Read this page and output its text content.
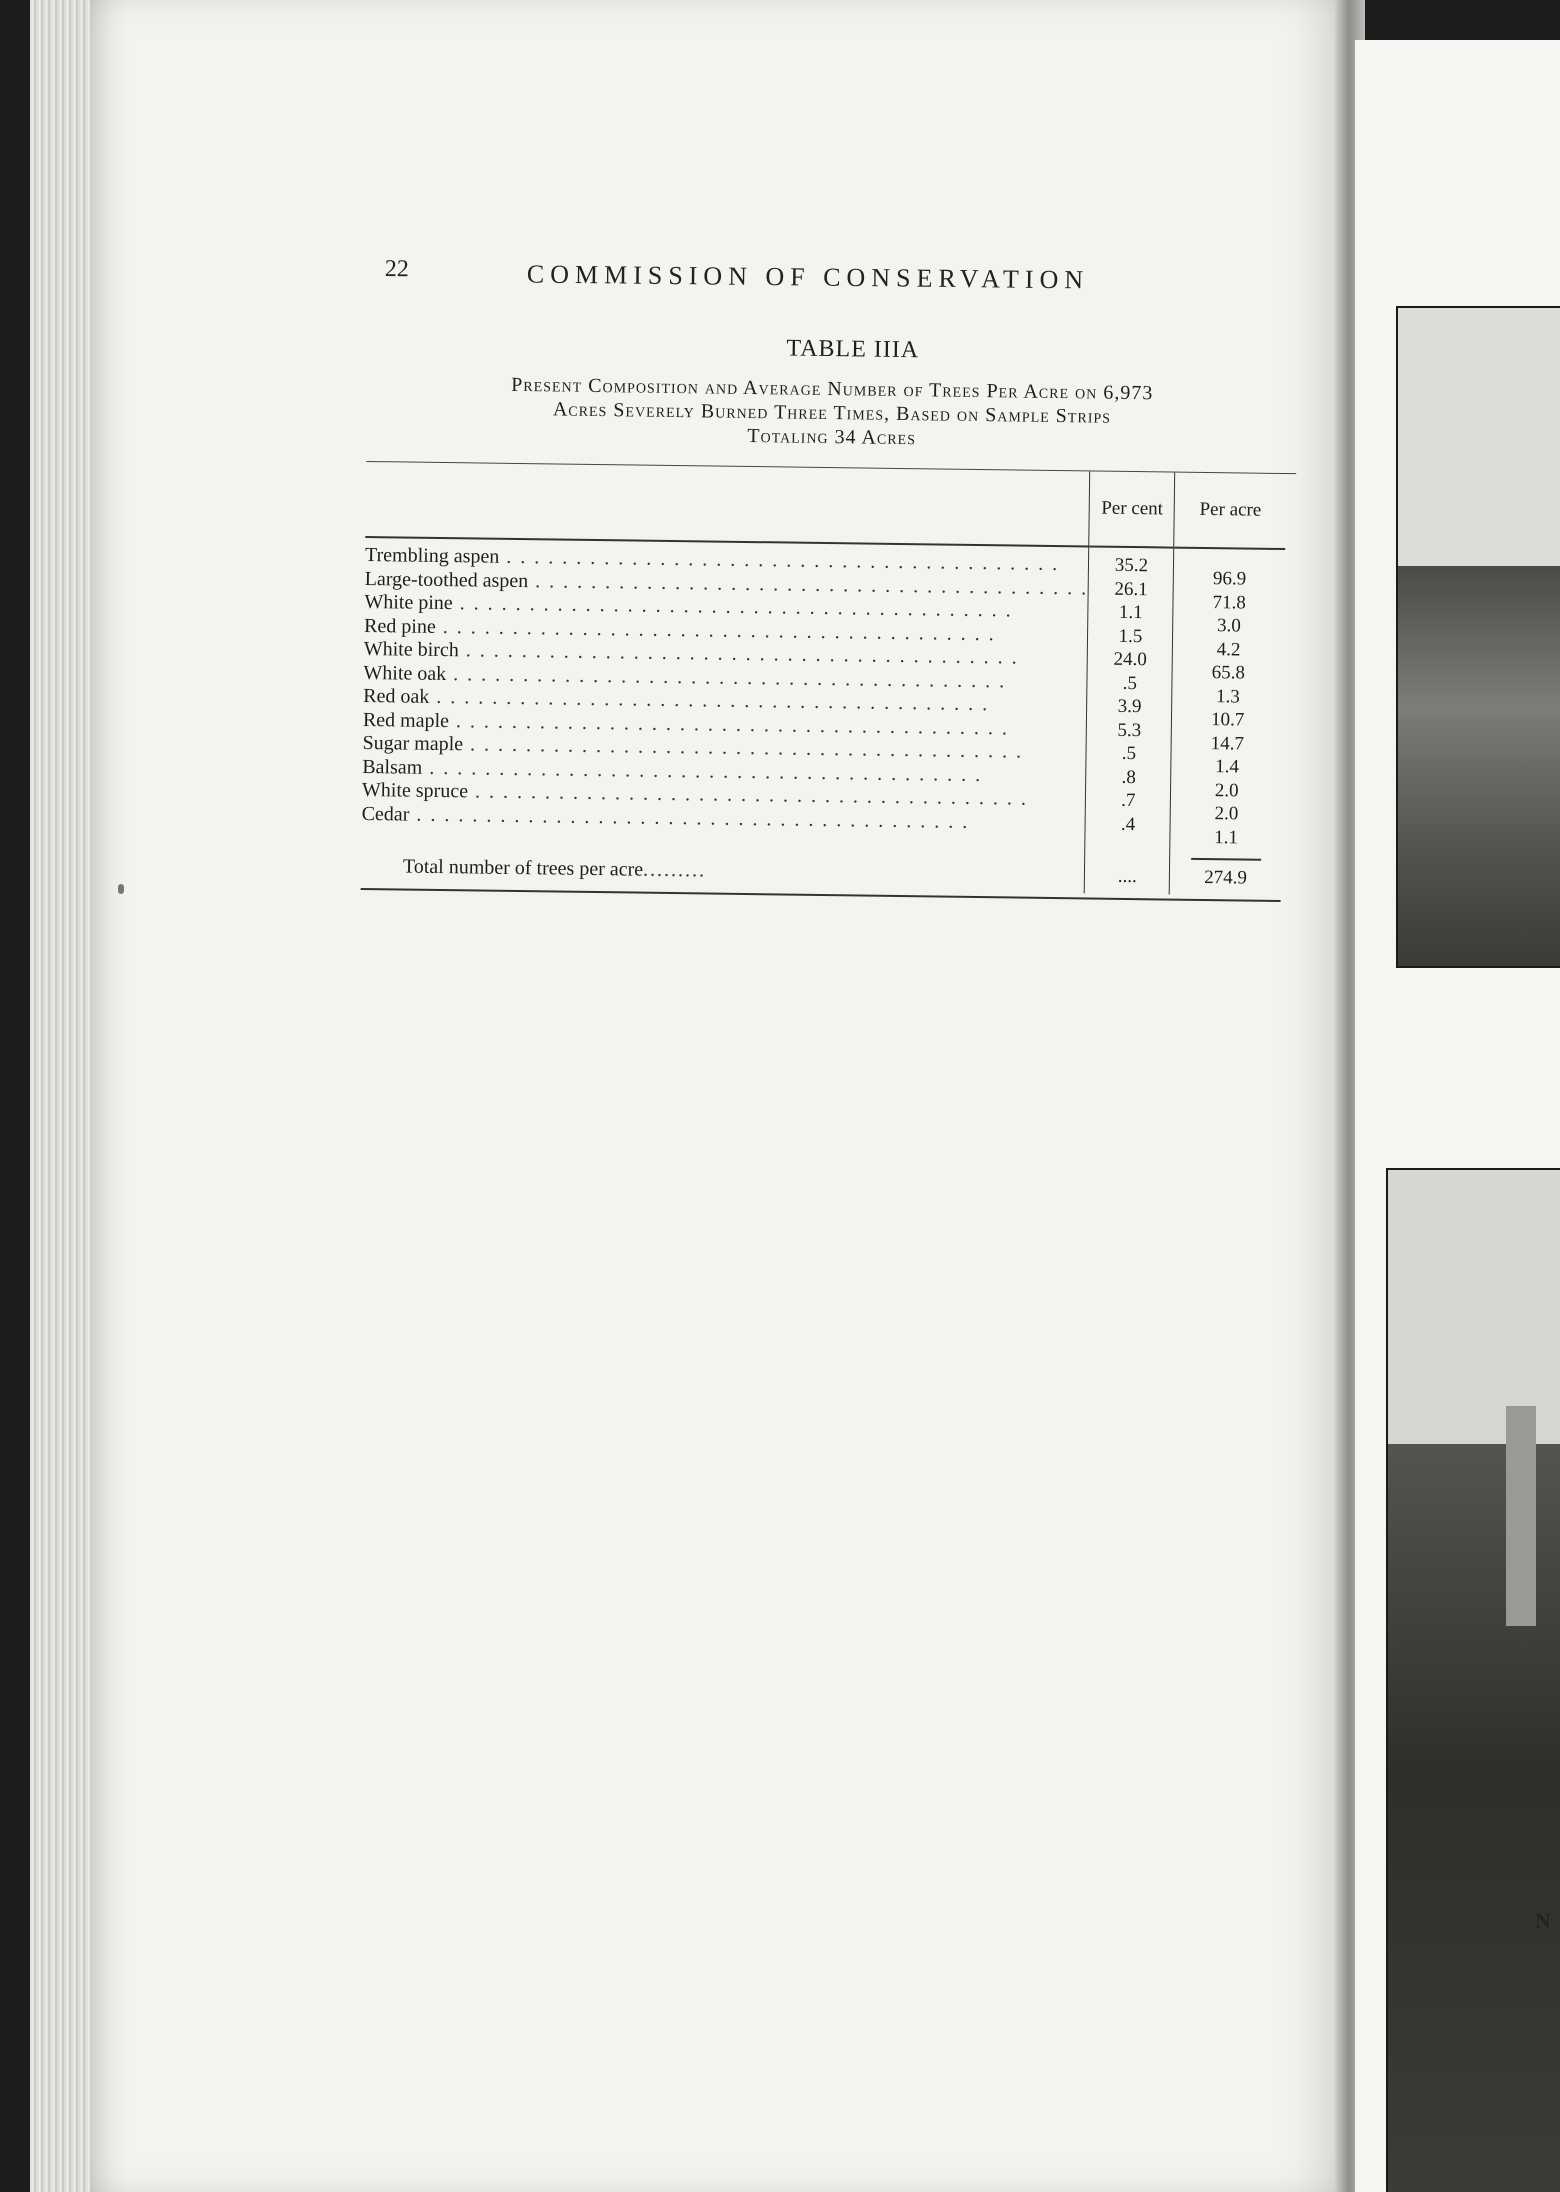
N
22	COMMISSION OF CONSERVATION
TABLE IIIA
Present Composition and Average Number of Trees Per Acre on 6,973
Acres Severely Burned Three Times, Based on Sample Strips
Totaling 34 Acres
	Per cent	Per acre
Trembling aspen . . . . . . . . . . . . . . . . . . . . . . . . . . . . . . . . . . . . . . . .	35.2	96.9
Large-toothed aspen . . . . . . . . . . . . . . . . . . . . . . . . . . . . . . . . . . . . . . . .	26.1	71.8
White pine . . . . . . . . . . . . . . . . . . . . . . . . . . . . . . . . . . . . . . . .	1.1	3.0
Red pine . . . . . . . . . . . . . . . . . . . . . . . . . . . . . . . . . . . . . . . .	1.5	4.2
White birch . . . . . . . . . . . . . . . . . . . . . . . . . . . . . . . . . . . . . . . .	24.0	65.8
White oak . . . . . . . . . . . . . . . . . . . . . . . . . . . . . . . . . . . . . . . .	.5	1.3
Red oak . . . . . . . . . . . . . . . . . . . . . . . . . . . . . . . . . . . . . . . .	3.9	10.7
Red maple . . . . . . . . . . . . . . . . . . . . . . . . . . . . . . . . . . . . . . . .	5.3	14.7
Sugar maple . . . . . . . . . . . . . . . . . . . . . . . . . . . . . . . . . . . . . . . .	.5	1.4
Balsam . . . . . . . . . . . . . . . . . . . . . . . . . . . . . . . . . . . . . . . .	.8	2.0
White spruce . . . . . . . . . . . . . . . . . . . . . . . . . . . . . . . . . . . . . . . .	.7	2.0
Cedar . . . . . . . . . . . . . . . . . . . . . . . . . . . . . . . . . . . . . . . .	.4	1.1
Total number of trees per acre.........	....	274.9
